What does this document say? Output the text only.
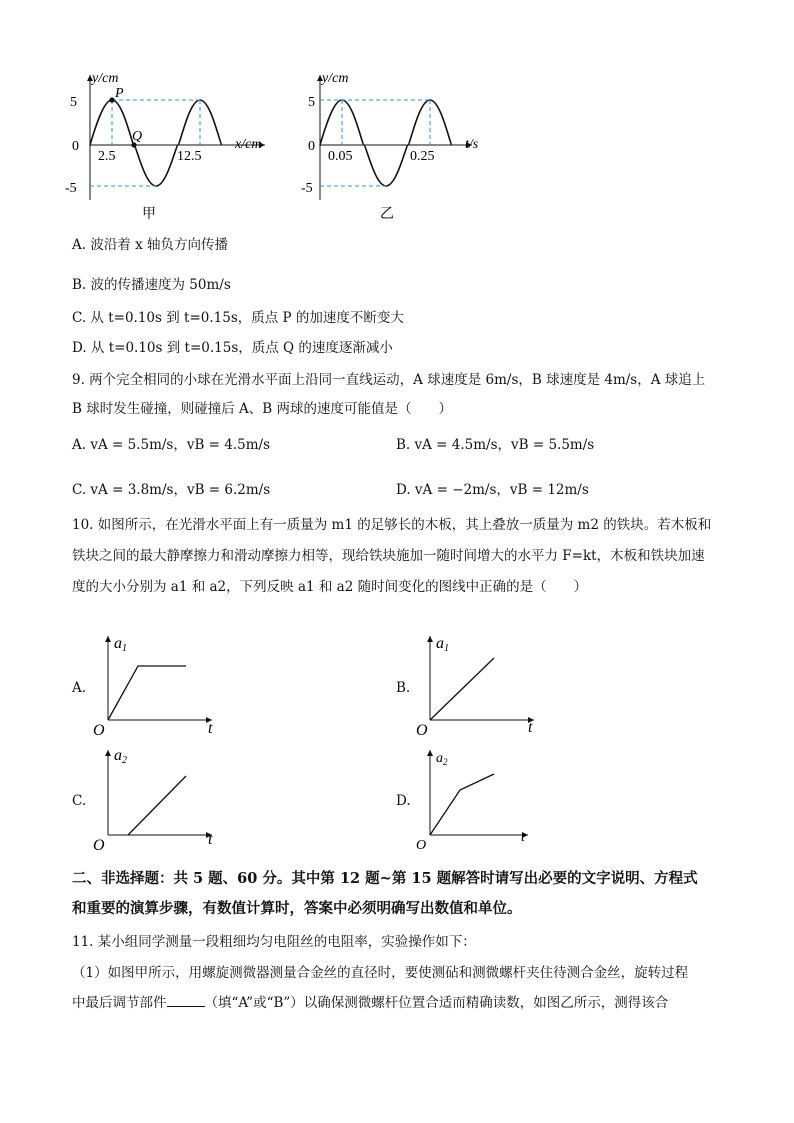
y/cm
x/cm
5
0
-5
2.5	12.5
P
Q
甲
y/cm
t/s
5
0
-5
0.05	0.25
乙
A. 波沿着 x 轴负方向传播
B. 波的传播速度为 50m/s
C. 从 t=0.10s 到 t=0.15s，质点 P 的加速度不断变大
D. 从 t=0.10s 到 t=0.15s，质点 Q 的速度逐渐减小
9. 两个完全相同的小球在光滑水平面上沿同一直线运动，A 球速度是 6m/s，B 球速度是 4m/s，A 球追上
B 球时发生碰撞，则碰撞后 A、B 两球的速度可能值是（　　）
A. vA = 5.5m/s，vB = 4.5m/s	B. vA = 4.5m/s，vB = 5.5m/s
C. vA = 3.8m/s，vB = 6.2m/s	D. vA = −2m/s，vB = 12m/s
10. 如图所示，在光滑水平面上有一质量为 m1 的足够长的木板，其上叠放一质量为 m2 的铁块。若木板和
铁块之间的最大静摩擦力和滑动摩擦力相等，现给铁块施加一随时间增大的水平力 F=kt，木板和铁块加速
度的大小分别为 a1 和 a2，下列反映 a1 和 a2 随时间变化的图线中正确的是（　　）
A.
a1
O	t
B.
a1
O	t
C.
a2
O	t
D.
$a_2$
O
t
二、非选择题：共 5 题、60 分。其中第 12 题~第 15 题解答时请写出必要的文字说明、方程式
和重要的演算步骤，有数值计算时，答案中必须明确写出数值和单位。
11. 某小组同学测量一段粗细均匀电阻丝的电阻率，实验操作如下：
（1）如图甲所示，用螺旋测微器测量合金丝的直径时，要使测砧和测微螺杆夹住待测合金丝，旋转过程
中最后调节部件	（填“A”或“B”）以确保测微螺杆位置合适而精确读数，如图乙所示，测得该合
